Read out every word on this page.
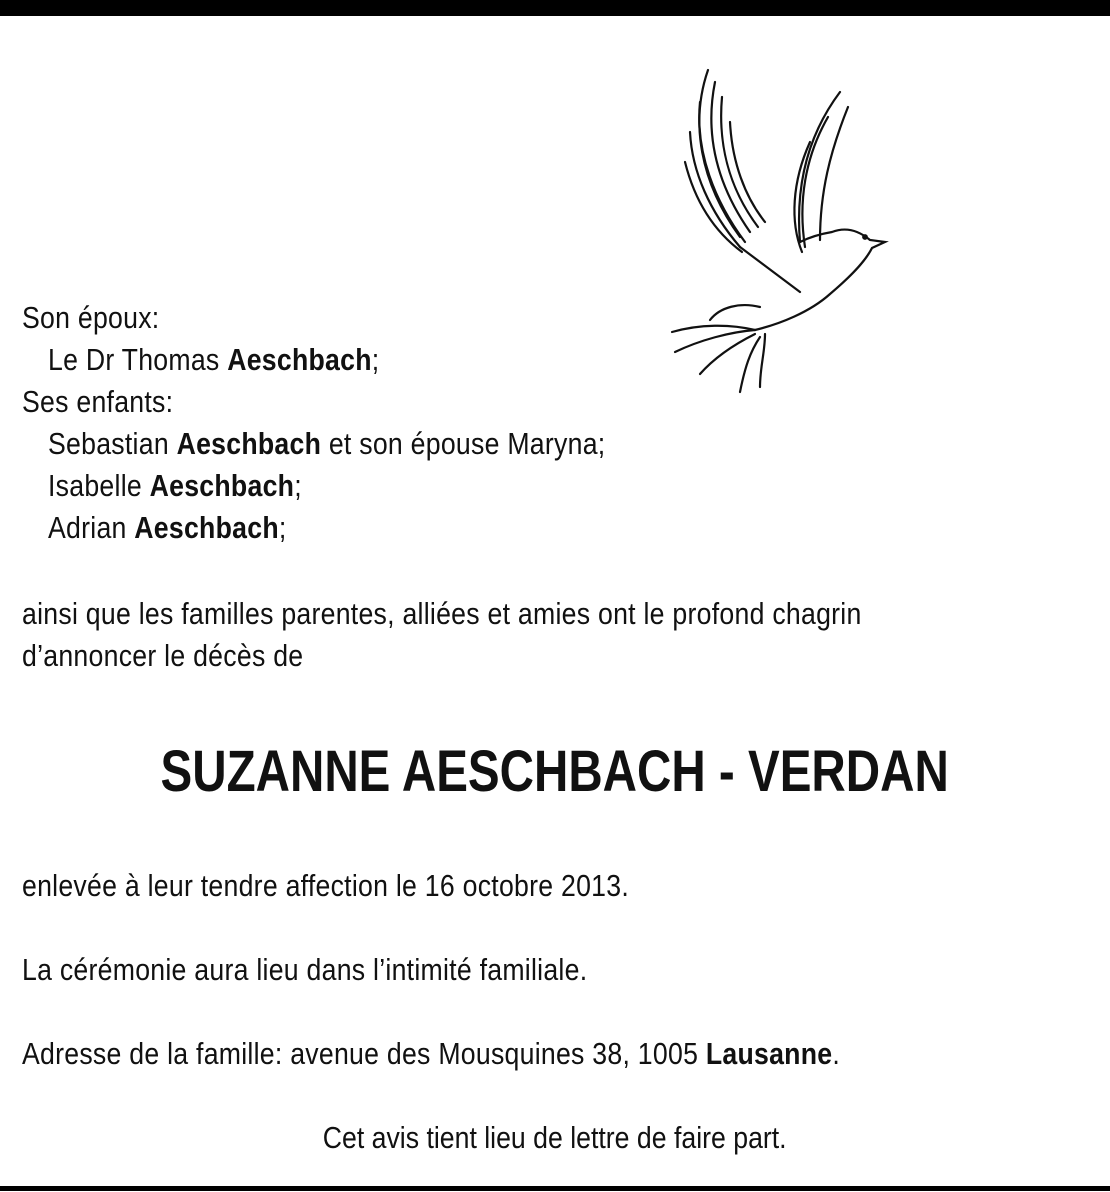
Son époux:
Le Dr Thomas Aeschbach;
Ses enfants:
Sebastian Aeschbach et son épouse Maryna;
Isabelle Aeschbach;
Adrian Aeschbach;
ainsi que les familles parentes, alliées et amies ont le profond chagrin
d’annoncer le décès de
SUZANNE AESCHBACH - VERDAN
enlevée à leur tendre affection le 16 octobre 2013.
La cérémonie aura lieu dans l’intimité familiale.
Adresse de la famille: avenue des Mousquines 38, 1005 Lausanne.
Cet avis tient lieu de lettre de faire part.
